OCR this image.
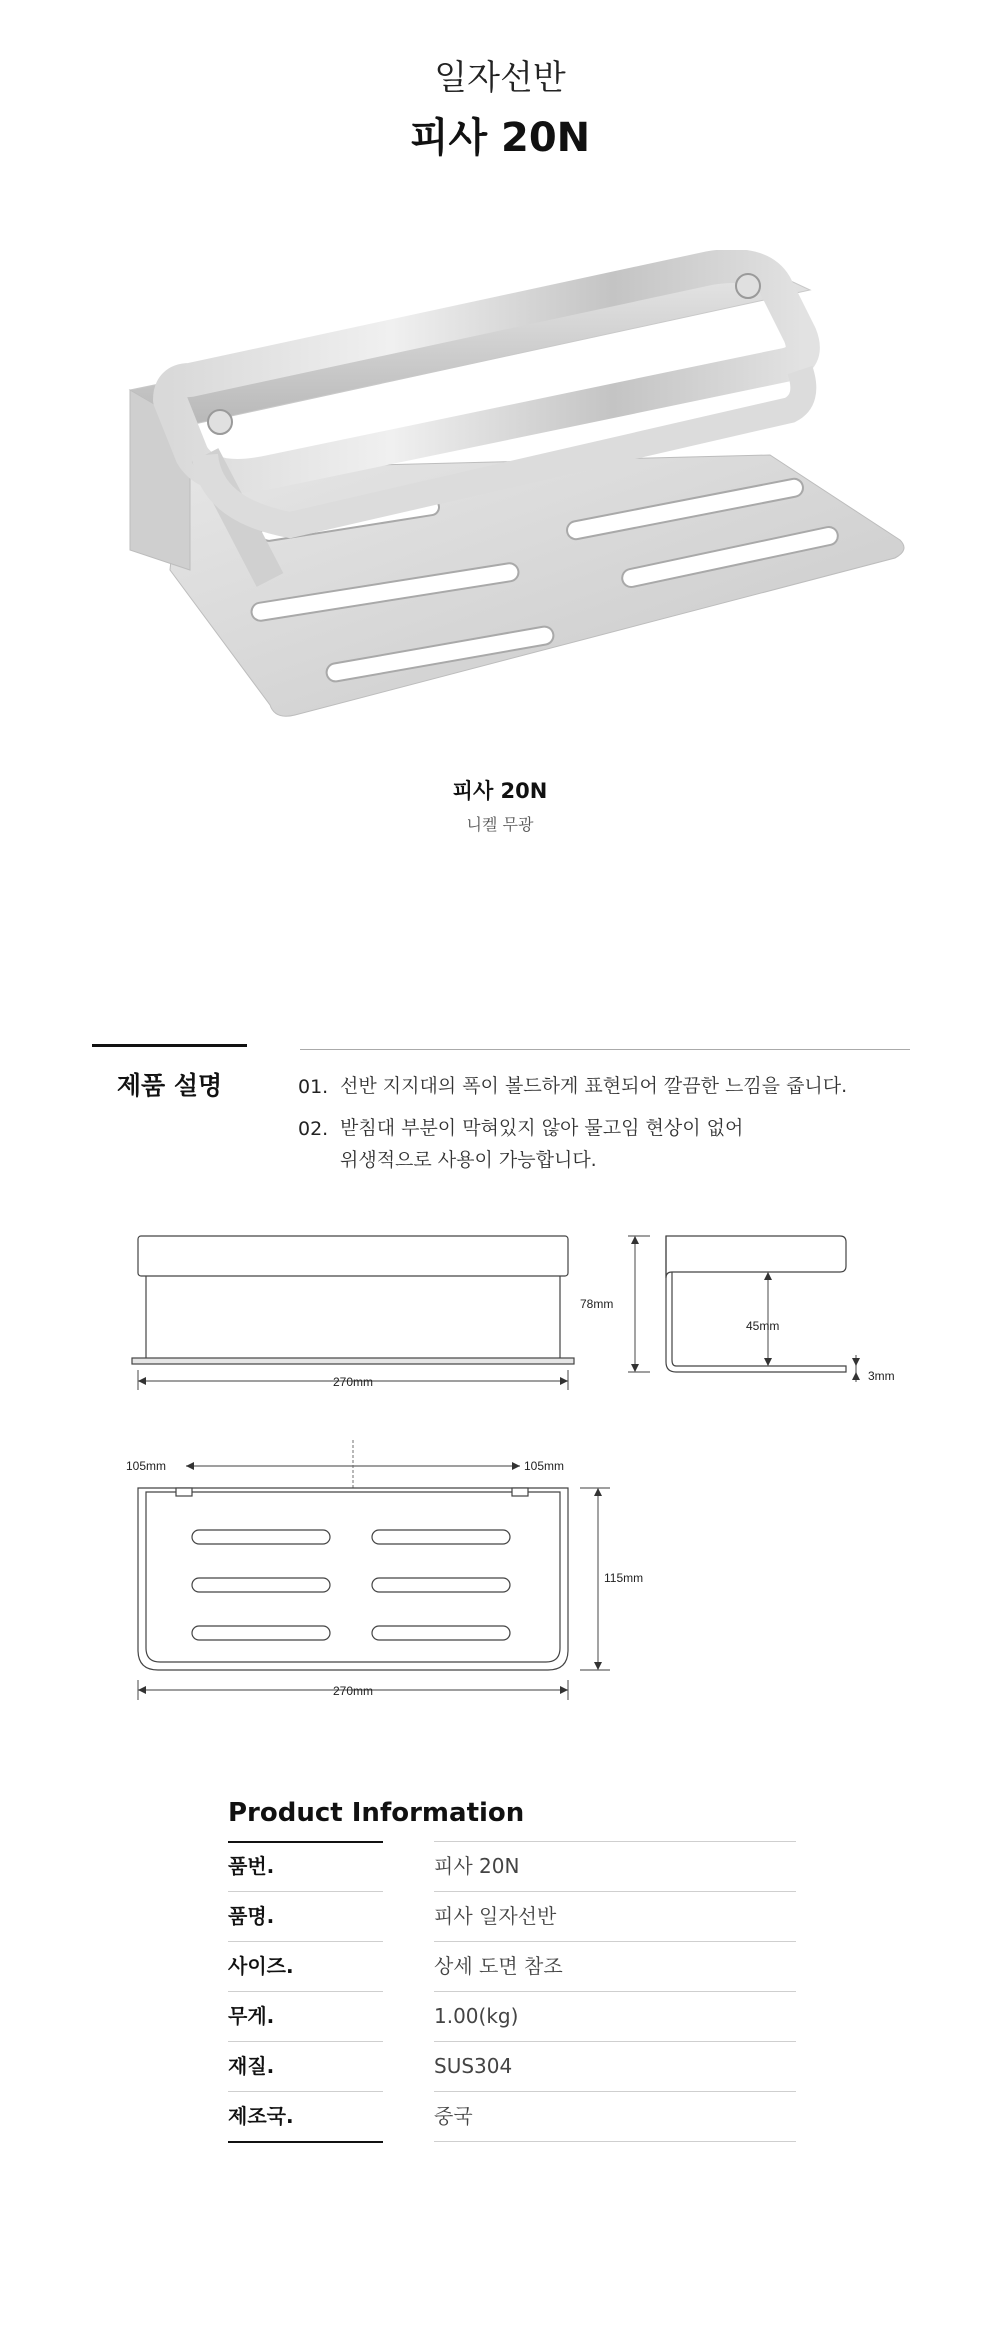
일자선반
피사 20N
피사 20N
니켈 무광
제품 설명	01. 선반 지지대의 폭이 볼드하게 표현되어 깔끔한 느낌을 줍니다.
02. 받침대 부분이 막혀있지 않아 물고임 현상이 없어
위생적으로 사용이 가능합니다.
270mm
78mm
45mm
3mm
105mm	105mm
115mm
270mm
Product Information
품번.	피사 20N
품명.	피사 일자선반
사이즈.	상세 도면 참조
무게.	1.00(kg)
재질.	SUS304
제조국.	중국
